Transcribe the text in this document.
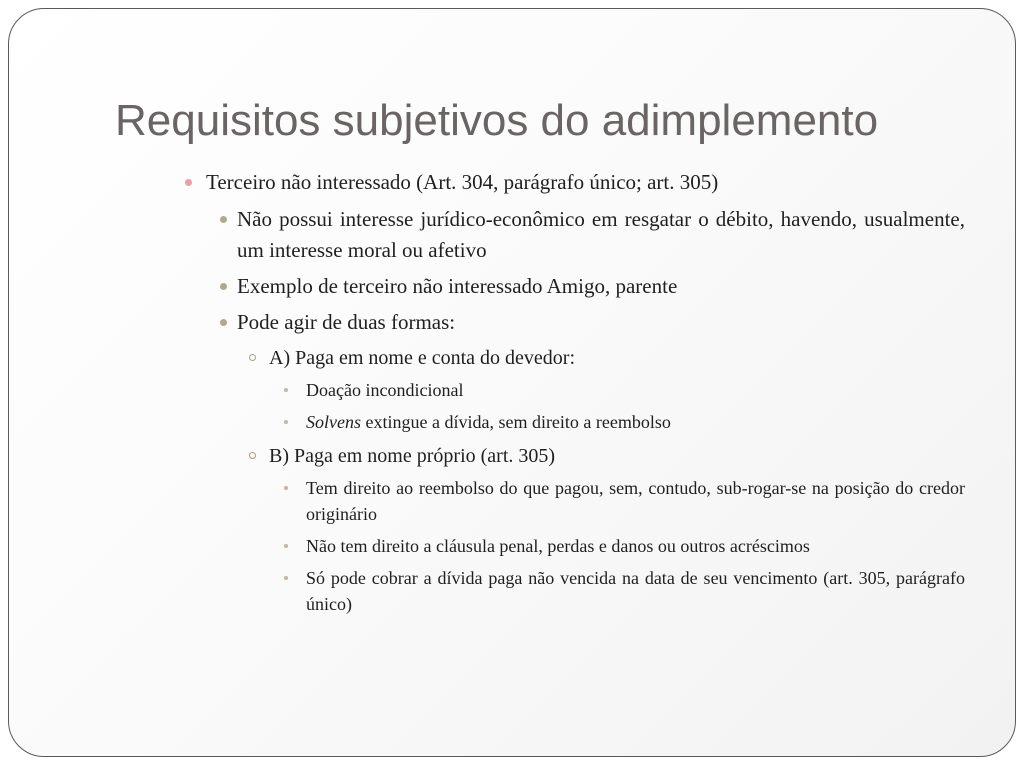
Requisitos subjetivos do adimplemento
Terceiro não interessado (Art. 304, parágrafo único; art. 305)
Não possui interesse jurídico-econômico em resgatar o débito, havendo, usualmente, um interesse moral ou afetivo
Exemplo de terceiro não interessado Amigo, parente
Pode agir de duas formas:
A) Paga em nome e conta do devedor:
Doação incondicional
Solvens extingue a dívida, sem direito a reembolso
B) Paga em nome próprio (art. 305)
Tem direito ao reembolso do que pagou, sem, contudo, sub-rogar-se na posição do credor originário
Não tem direito a cláusula penal, perdas e danos ou outros acréscimos
Só pode cobrar a dívida paga não vencida na data de seu vencimento (art. 305, parágrafo único)
